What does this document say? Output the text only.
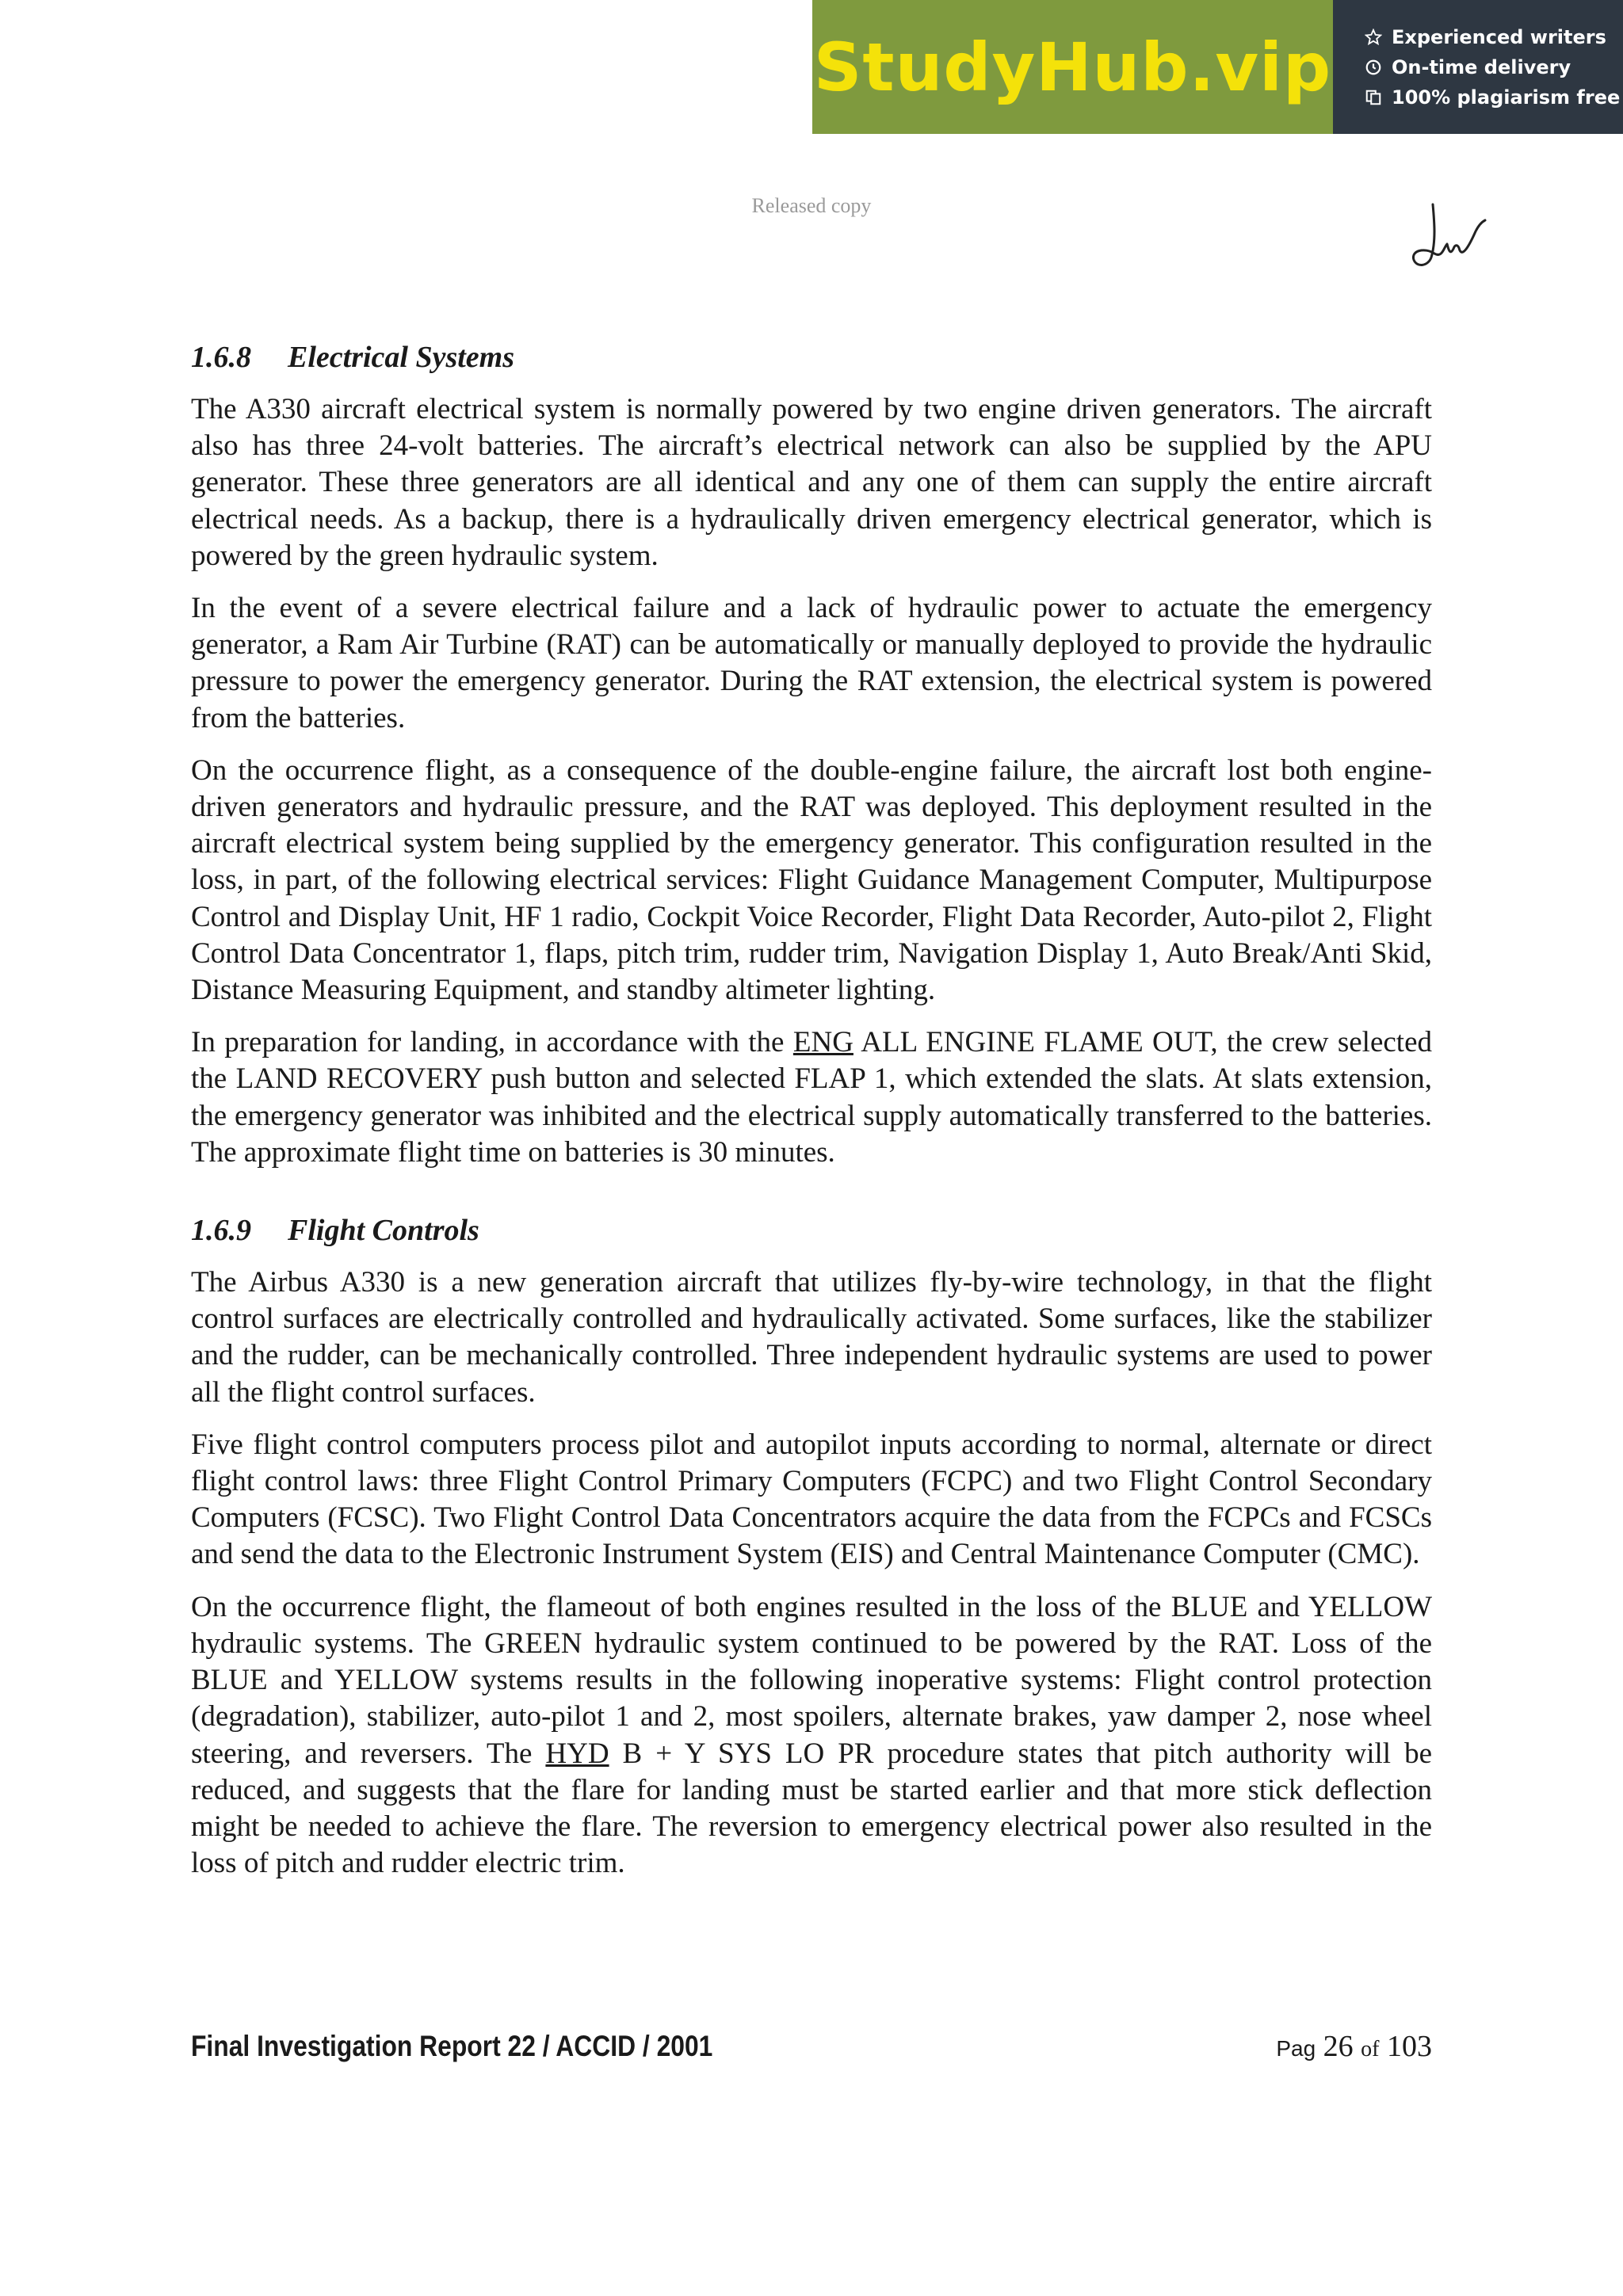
StudyHub.vip	Experienced writers
On-time delivery
100% plagiarism free
Released copy
1.6.8	Electrical Systems

The A330 aircraft electrical system is normally powered by two engine driven generators. The aircraft also has three 24-volt batteries. The aircraft’s electrical network can also be supplied by the APU generator. These three generators are all identical and any one of them can supply the entire aircraft electrical needs. As a backup, there is a hydraulically driven emergency electrical generator, which is powered by the green hydraulic system.

In the event of a severe electrical failure and a lack of hydraulic power to actuate the emergency generator, a Ram Air Turbine (RAT) can be automatically or manually deployed to provide the hydraulic pressure to power the emergency generator. During the RAT extension, the electrical system is powered from the batteries.

On the occurrence flight, as a consequence of the double-engine failure, the aircraft lost both engine-driven generators and hydraulic pressure, and the RAT was deployed. This deployment resulted in the aircraft electrical system being supplied by the emergency generator. This configuration resulted in the loss, in part, of the following electrical services: Flight Guidance Management Computer, Multipurpose Control and Display Unit, HF 1 radio, Cockpit Voice Recorder, Flight Data Recorder, Auto-pilot 2, Flight Control Data Concentrator 1, flaps, pitch trim, rudder trim, Navigation Display 1, Auto Break/Anti Skid, Distance Measuring Equipment, and standby altimeter lighting.

In preparation for landing, in accordance with the ENG ALL ENGINE FLAME OUT, the crew selected the LAND RECOVERY push button and selected FLAP 1, which extended the slats. At slats extension, the emergency generator was inhibited and the electrical supply automatically transferred to the batteries. The approximate flight time on batteries is 30 minutes.

1.6.9	Flight Controls

The Airbus A330 is a new generation aircraft that utilizes fly-by-wire technology, in that the flight control surfaces are electrically controlled and hydraulically activated. Some surfaces, like the stabilizer and the rudder, can be mechanically controlled. Three independent hydraulic systems are used to power all the flight control surfaces.

Five flight control computers process pilot and autopilot inputs according to normal, alternate or direct flight control laws: three Flight Control Primary Computers (FCPC) and two Flight Control Secondary Computers (FCSC). Two Flight Control Data Concentrators acquire the data from the FCPCs and FCSCs and send the data to the Electronic Instrument System (EIS) and Central Maintenance Computer (CMC).

On the occurrence flight, the flameout of both engines resulted in the loss of the BLUE and YELLOW hydraulic systems. The GREEN hydraulic system continued to be powered by the RAT. Loss of the BLUE and YELLOW systems results in the following inoperative systems: Flight control protection (degradation), stabilizer, auto-pilot 1 and 2, most spoilers, alternate brakes, yaw damper 2, nose wheel steering, and reversers. The HYD B + Y SYS LO PR procedure states that pitch authority will be reduced, and suggests that the flare for landing must be started earlier and that more stick deflection might be needed to achieve the flare. The reversion to emergency electrical power also resulted in the loss of pitch and rudder electric trim.

Final Investigation Report 22 / ACCID / 2001	Pag 26 of 103
